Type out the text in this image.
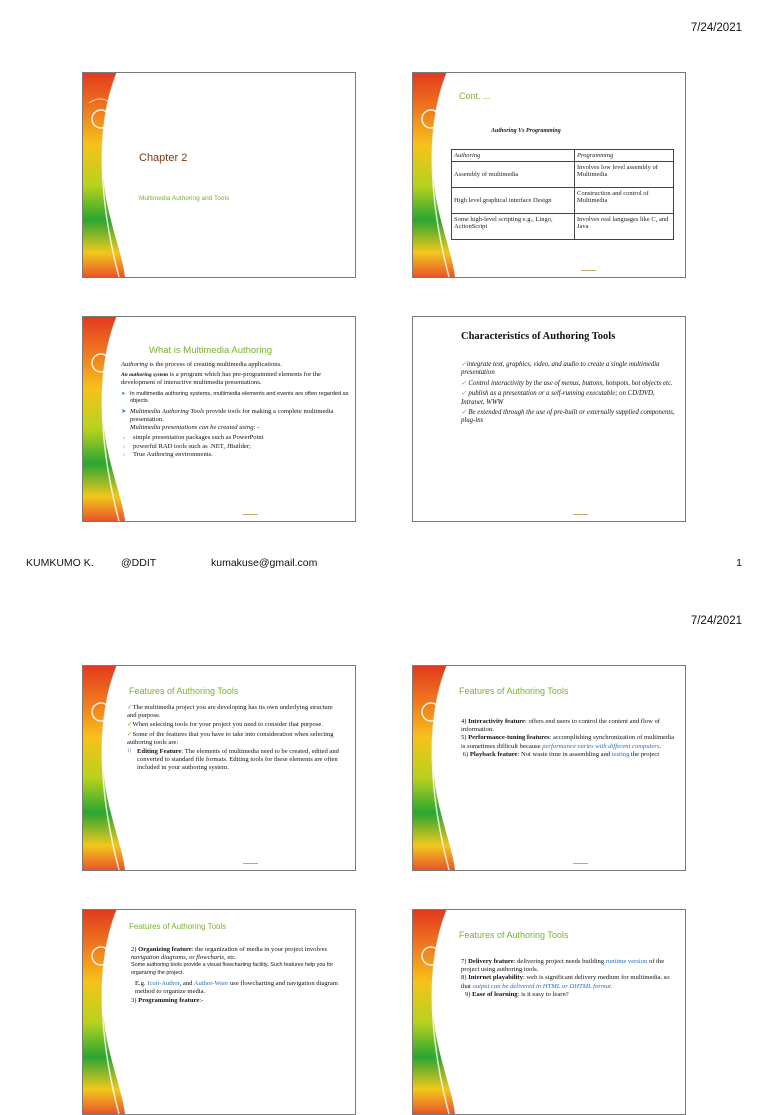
7/24/2021
Chapter 2
Multimedia Authoring and Tools
Cont. ...
Authoring Vs Programming
Authoring	Programming
Assembly of multimedia	Involves low level assembly of Multimedia
High level graphical interface Design	Construction and control of Multimedia
Some high-level scripting e.g., Lingo, ActionScript	Involves real languages like C, and Java
▬▬▬▬▬
What is Multimedia Authoring
Authoring is the process of creating multimedia applications.
An authoring system is a program which has pre-programmed elements for the development of interactive multimedia presentations.
➤ In multimedia authoring systems, multimedia elements and events are often regarded as objects.
➤ Multimedia Authoring Tools provide tools for making a complete multimedia presentation.
Multimedia presentations can be created using: -
› simple presentation packages such as PowerPoint
› powerful RAD tools such as .NET, JBuilder;
› True Authoring environments.
▬▬▬▬▬
Characteristics of Authoring Tools
✓integrate text, graphics, video, and audio to create a single multimedia presentation
✓ Control interactivity by the use of menus, buttons, hotspots, hot objects etc.
✓ publish as a presentation or a self-running executable; on CD/DVD, Intranet, WWW
✓ Be extended through the use of pre-built or externally supplied components, plug-ins
▬▬▬▬▬
KUMKUMO K.	@DDIT	kumakuse@gmail.com	1
7/24/2021
Features of Authoring Tools
✓The multimedia project you are developing has its own underlying structure and purpose.
✓When selecting tools for your project you need to consider that purpose.
✓Some of the features that you have to take into consideration when selecting authoring tools are:
1) Editing Feature: The elements of multimedia need to be created, edited and converted to standard file formats. Editing tools for these elements are often included in your authoring system.
▬▬▬▬▬
Features of Authoring Tools
4) Interactivity feature: offers end users to control the content and flow of information.
5) Performance-tuning features: accomplishing synchronization of multimedia is sometimes difficult because performance varies with different computers.
6) Playback feature: Not waste time in assembling and testing the project
▬▬▬▬▬
Features of Authoring Tools
2) Organizing feature: the organization of media in your project involves navigation diagrams, or flowcharts, etc.
Some authoring tools provide a visual flowcharting facility. Such features help you for organizing the project.
E.g. Icon-Author, and Author-Ware use flowcharting and navigation diagram method to organize media.
3) Programming feature:-
Features of Authoring Tools
7) Delivery feature: delivering project needs building runtime version of the project using authoring tools.
8) Internet playability: web is significant delivery medium for multimedia. so that output can be delivered in HTML or DHTML format.
9) Ease of learning: is it easy to learn?
